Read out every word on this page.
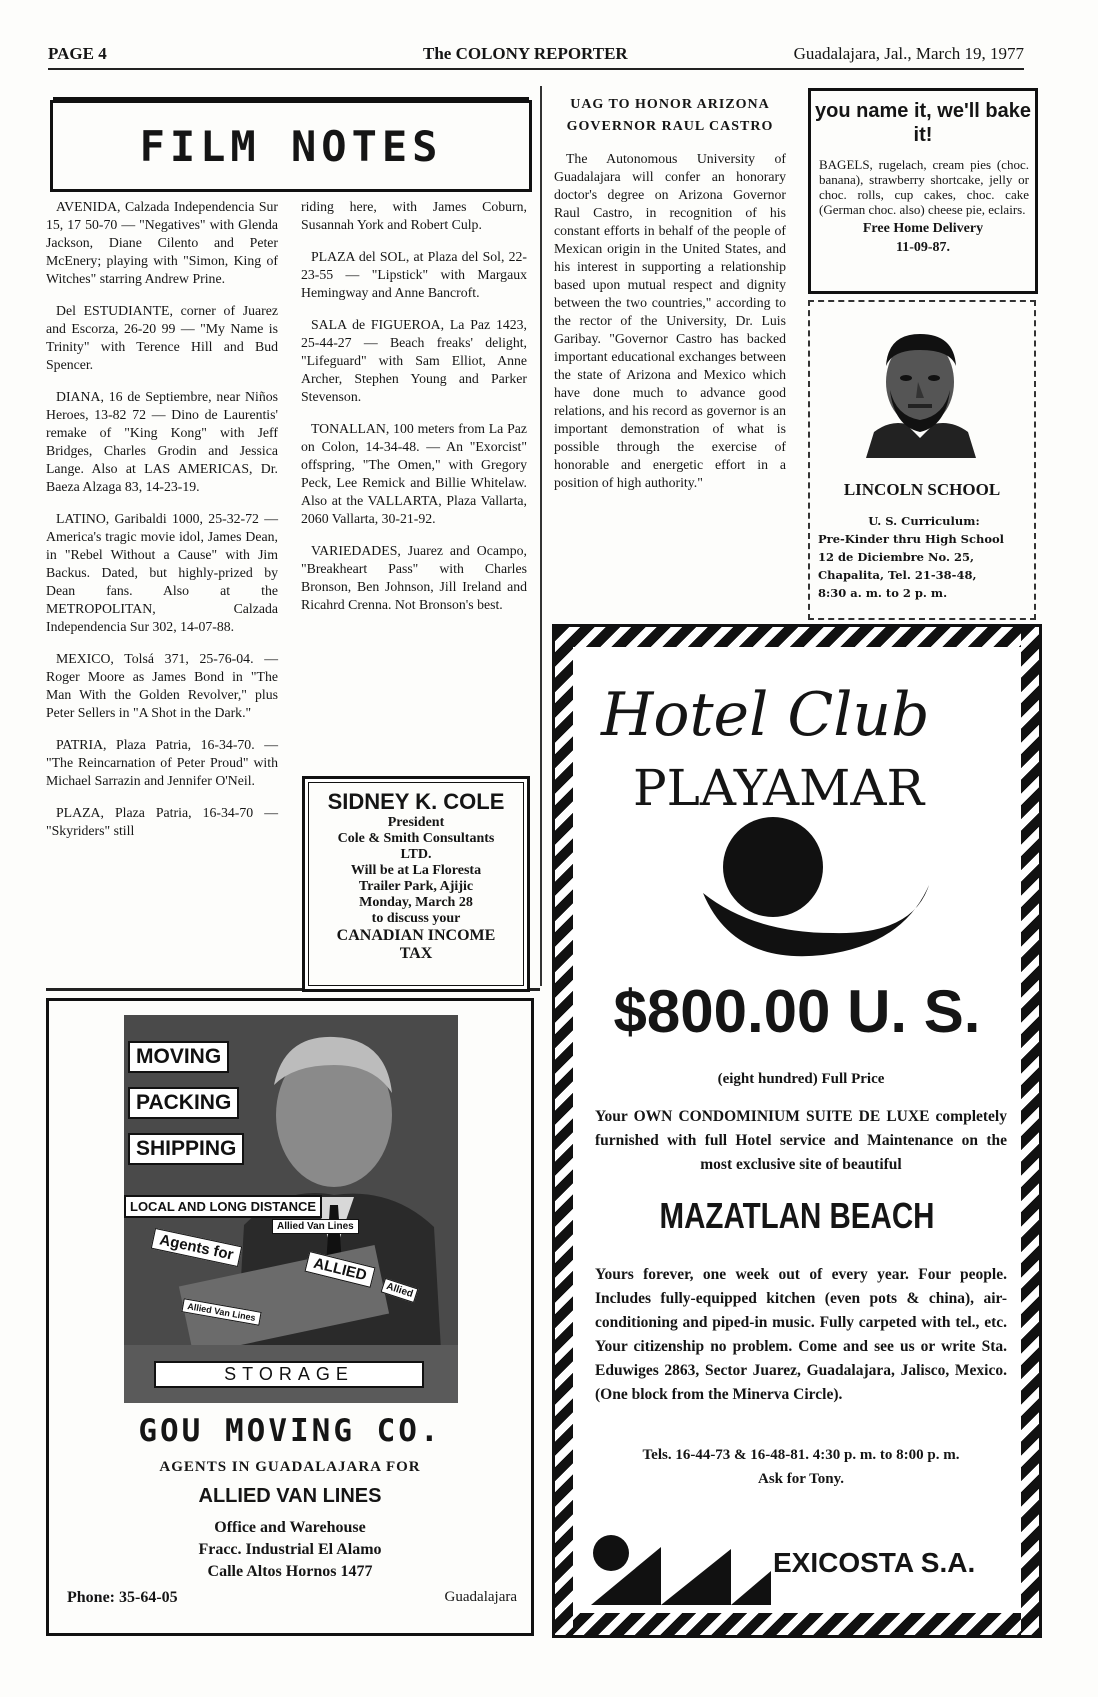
PAGE 4	The COLONY REPORTER	Guadalajara, Jal., March 19, 1977
FILM NOTES

AVENIDA, Calzada Independencia Sur 15, 17 50-70 — "Negatives" with Glenda Jackson, Diane Cilento and Peter McEnery; playing with "Simon, King of Witches" starring Andrew Prine.

Del ESTUDIANTE, corner of Juarez and Escorza, 26-20 99 — "My Name is Trinity" with Terence Hill and Bud Spencer.

DIANA, 16 de Septiembre, near Niños Heroes, 13-82 72 — Dino de Laurentis' remake of "King Kong" with Jeff Bridges, Charles Grodin and Jessica Lange. Also at LAS AMERICAS, Dr. Baeza Alzaga 83, 14-23-19.

LATINO, Garibaldi 1000, 25-32-72 — America's tragic movie idol, James Dean, in "Rebel Without a Cause" with Jim Backus. Dated, but highly-prized by Dean fans. Also at the METROPOLITAN, Calzada Independencia Sur 302, 14-07-88.

MEXICO, Tolsá 371, 25-76-04. — Roger Moore as James Bond in "The Man With the Golden Revolver," plus Peter Sellers in "A Shot in the Dark."

PATRIA, Plaza Patria, 16-34-70. — "The Reincarnation of Peter Proud" with Michael Sarrazin and Jennifer O'Neil.

PLAZA, Plaza Patria, 16-34-70 — "Skyriders" still

riding here, with James Coburn, Susannah York and Robert Culp.

PLAZA del SOL, at Plaza del Sol, 22-23-55 — "Lipstick" with Margaux Hemingway and Anne Bancroft.

SALA de FIGUEROA, La Paz 1423, 25-44-27 — Beach freaks' delight, "Lifeguard" with Sam Elliot, Anne Archer, Stephen Young and Parker Stevenson.

TONALLAN, 100 meters from La Paz on Colon, 14-34-48. — An "Exorcist" offspring, "The Omen," with Gregory Peck, Lee Remick and Billie Whitelaw. Also at the VALLARTA, Plaza Vallarta, 2060 Vallarta, 30-21-92.

VARIEDADES, Juarez and Ocampo, "Breakheart Pass" with Charles Bronson, Ben Johnson, Jill Ireland and Ricahrd Crenna. Not Bronson's best.

SIDNEY K. COLE
President
Cole & Smith Consultants
LTD.
Will be at La Floresta
Trailer Park, Ajijic
Monday, March 28
to discuss your
CANADIAN INCOME
TAX
UAG TO HONOR ARIZONA
GOVERNOR RAUL CASTRO
The Autonomous University of Guadalajara will confer an honorary doctor's degree on Arizona Governor Raul Castro, in recognition of his constant efforts in behalf of the people of Mexican origin in the United States, and his interest in supporting a relationship based upon mutual respect and dignity between the two countries," according to the rector of the University, Dr. Luis Garibay. "Governor Castro has backed important educational exchanges between the state of Arizona and Mexico which have done much to advance good relations, and his record as governor is an important demonstration of what is possible through the exercise of honorable and energetic effort in a position of high authority."
you name it, we'll bake it!
BAGELS, rugelach, cream pies (choc. banana), strawberry shortcake, jelly or choc. rolls, cup cakes, choc. cake (German choc. also) cheese pie, eclairs.
Free Home Delivery
11-09-87.
LINCOLN SCHOOL
U. S. Curriculum:
Pre-Kinder thru High School
12 de Diciembre No. 25,
Chapalita, Tel. 21-38-48,
8:30 a. m. to 2 p. m.
MOVING
PACKING
SHIPPING
LOCAL AND LONG DISTANCE
Allied Van Lines
Agents for
ALLIED
Allied
Allied Van Lines
STORAGE
GOU MOVING CO.
AGENTS IN GUADALAJARA FOR
ALLIED VAN LINES
Office and Warehouse
Fracc. Industrial El Alamo
Calle Altos Hornos 1477
Phone: 35-64-05	Guadalajara
Hotel Club
PLAYAMAR
$800.00 U. S.
(eight hundred) Full Price
Your OWN CONDOMINIUM SUITE DE LUXE completely furnished with full Hotel service and Maintenance on the most exclusive site of beautiful
MAZATLAN BEACH
Yours forever, one week out of every year. Four people. Includes fully-equipped kitchen (even pots & china), air-conditioning and piped-in music. Fully carpeted with tel., etc. Your citizenship no problem. Come and see us or write Sta. Eduwiges 2863, Sector Juarez, Guadalajara, Jalisco, Mexico. (One block from the Minerva Circle).
Tels. 16-44-73 & 16-48-81. 4:30 p. m. to 8:00 p. m.
Ask for Tony.
EXICOSTA S.A.
